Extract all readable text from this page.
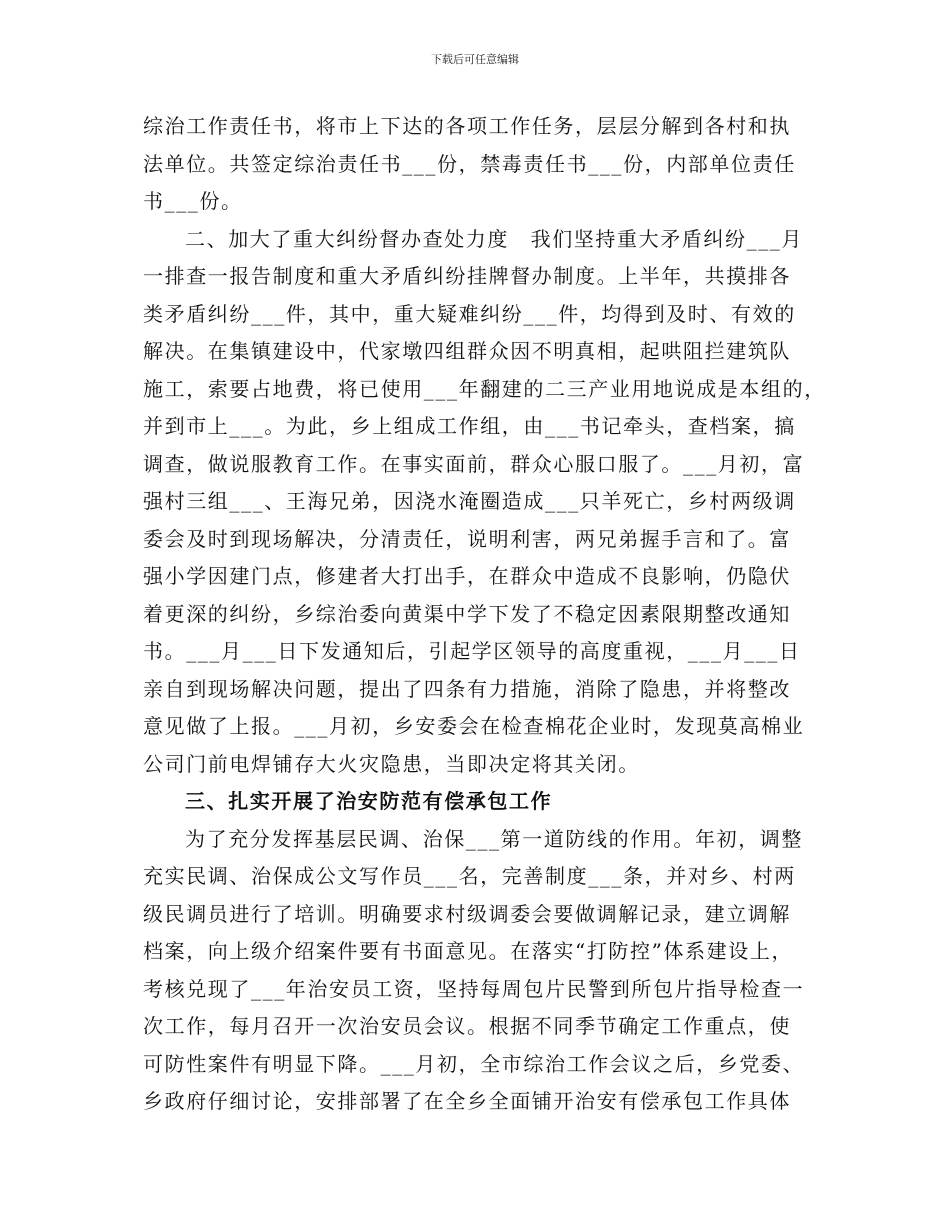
下载后可任意编辑
综治工作责任书，将市上下达的各项工作任务，层层分解到各村和执
法单位。共签定综治责任书___份，禁毒责任书___份，内部单位责任
书___份。
二、加大了重大纠纷督办查处力度　我们坚持重大矛盾纠纷___月
一排查一报告制度和重大矛盾纠纷挂牌督办制度。上半年，共摸排各
类矛盾纠纷___件，其中，重大疑难纠纷___件，均得到及时、有效的
解决。在集镇建设中，代家墩四组群众因不明真相，起哄阻拦建筑队
施工，索要占地费，将已使用___年翻建的二三产业用地说成是本组的，
并到市上___。为此，乡上组成工作组，由___书记牵头，查档案，搞
调查，做说服教育工作。在事实面前，群众心服口服了。___月初，富
强村三组___、王海兄弟，因浇水淹圈造成___只羊死亡，乡村两级调
委会及时到现场解决，分清责任，说明利害，两兄弟握手言和了。富
强小学因建门点，修建者大打出手，在群众中造成不良影响，仍隐伏
着更深的纠纷，乡综治委向黄渠中学下发了不稳定因素限期整改通知
书。___月___日下发通知后，引起学区领导的高度重视，___月___日
亲自到现场解决问题，提出了四条有力措施，消除了隐患，并将整改
意见做了上报。___月初，乡安委会在检查棉花企业时，发现莫高棉业
公司门前电焊铺存大火灾隐患，当即决定将其关闭。
三、扎实开展了治安防范有偿承包工作
为了充分发挥基层民调、治保___第一道防线的作用。年初，调整
充实民调、治保成公文写作员___名，完善制度___条，并对乡、村两
级民调员进行了培训。明确要求村级调委会要做调解记录，建立调解
档案，向上级介绍案件要有书面意见。在落实“打防控”体系建设上，
考核兑现了___年治安员工资，坚持每周包片民警到所包片指导检查一
次工作，每月召开一次治安员会议。根据不同季节确定工作重点，使
可防性案件有明显下降。___月初，全市综治工作会议之后，乡党委、
乡政府仔细讨论，安排部署了在全乡全面铺开治安有偿承包工作具体
